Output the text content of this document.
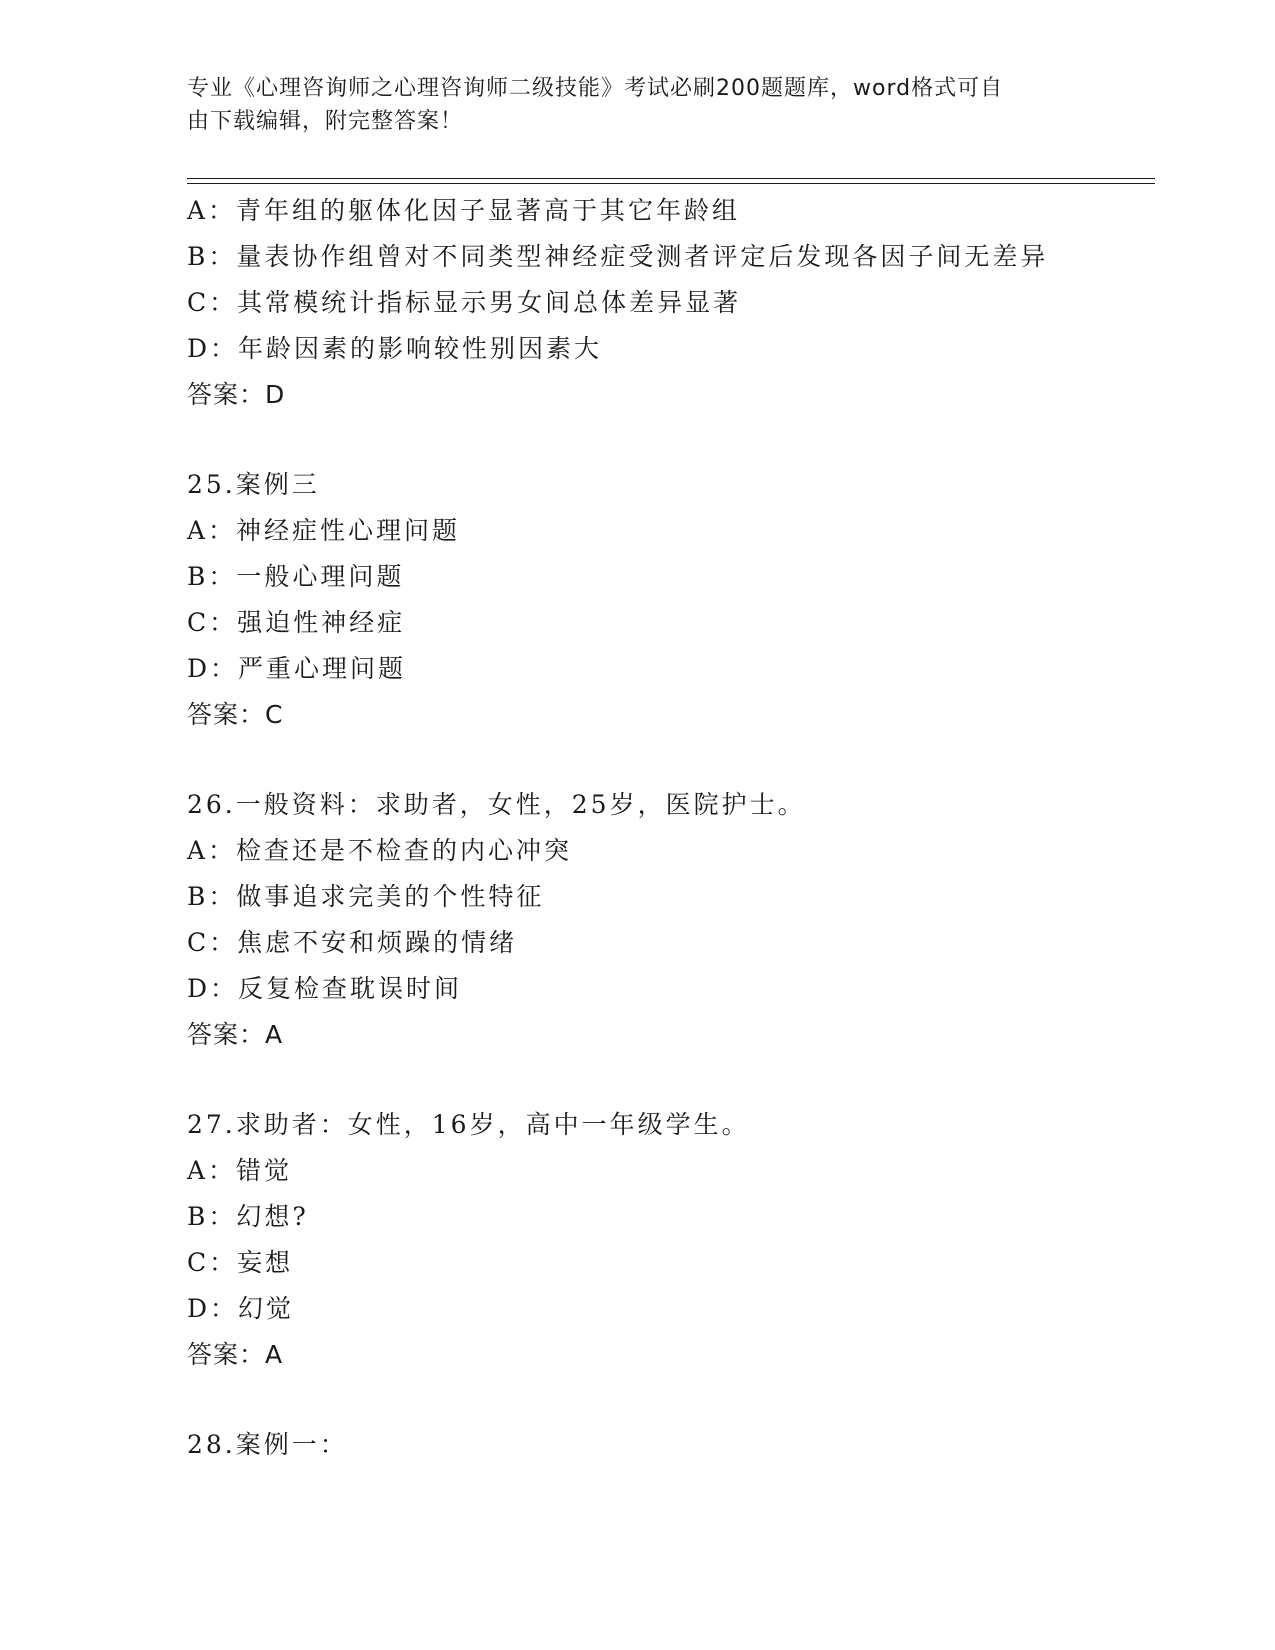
专业《心理咨询师之心理咨询师二级技能》考试必刷200题题库，word格式可自
由下载编辑，附完整答案！
A：青年组的躯体化因子显著高于其它年龄组
B：量表协作组曾对不同类型神经症受测者评定后发现各因子间无差异
C：其常模统计指标显示男女间总体差异显著
D：年龄因素的影响较性别因素大
答案：D
25.案例三
A：神经症性心理问题
B：一般心理问题
C：强迫性神经症
D：严重心理问题
答案：C
26.一般资料：求助者，女性，25岁，医院护士。
A：检查还是不检查的内心冲突
B：做事追求完美的个性特征
C：焦虑不安和烦躁的情绪
D：反复检查耽误时间
答案：A
27.求助者：女性，16岁，高中一年级学生。
A：错觉
B：幻想?
C：妄想
D：幻觉
答案：A
28.案例一：
